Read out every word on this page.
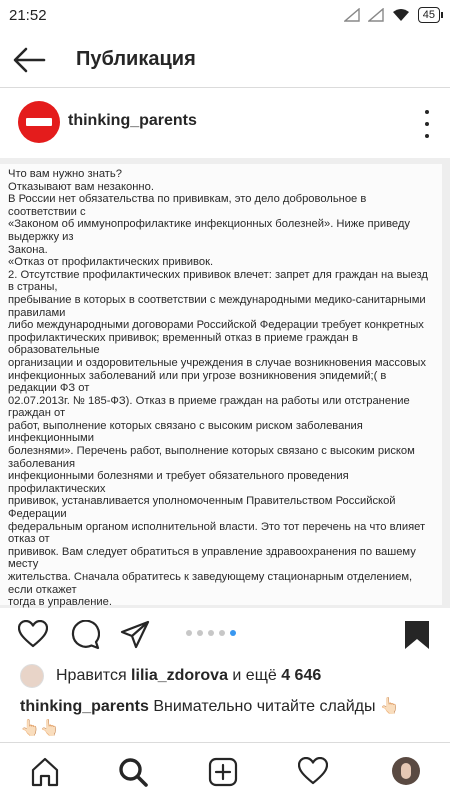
21:52	45
Публикация
thinking_parents

Что вам нужно знать?

Отказывают вам незаконно.

В России нет обязательства по прививкам, это дело добровольное в соответствии с

«Законом об иммунопрофилактике инфекционных болезней». Ниже приведу выдержку из

Закона.

«Отказ от профилактических прививок.

2. Отсутствие профилактических прививок влечет: запрет для граждан на выезд в страны,

пребывание в которых в соответствии с международными медико-санитарными правилами

либо международными договорами Российской Федерации требует конкретных

профилактических прививок; временный отказ в приеме граждан в образовательные

организации и оздоровительные учреждения в случае возникновения массовых

инфекционных заболеваний или при угрозе возникновения эпидемий;( в редакции ФЗ от

02.07.2013г. № 185-ФЗ). Отказ в приеме граждан на работы или отстранение граждан от

работ, выполнение которых связано с высоким риском заболевания инфекционными

болезнями». Перечень работ, выполнение которых связано с высоким риском заболевания

инфекционными болезнями и требует обязательного проведения профилактических

прививок, устанавливается уполномоченным Правительством Российской Федерации

федеральным органом исполнительной власти. Это тот перечень на что влияет отказ от

прививок. Вам следует обратиться в управление здравоохранения по вашему месту

жительства. Сначала обратитесь к заведующему стационарным отделением, если откажет

тогда в управление.

Нравится lilia_zdorova и ещё 4 646
thinking_parents Внимательно читайте слайды 👆🏻
👆🏻👆🏻
